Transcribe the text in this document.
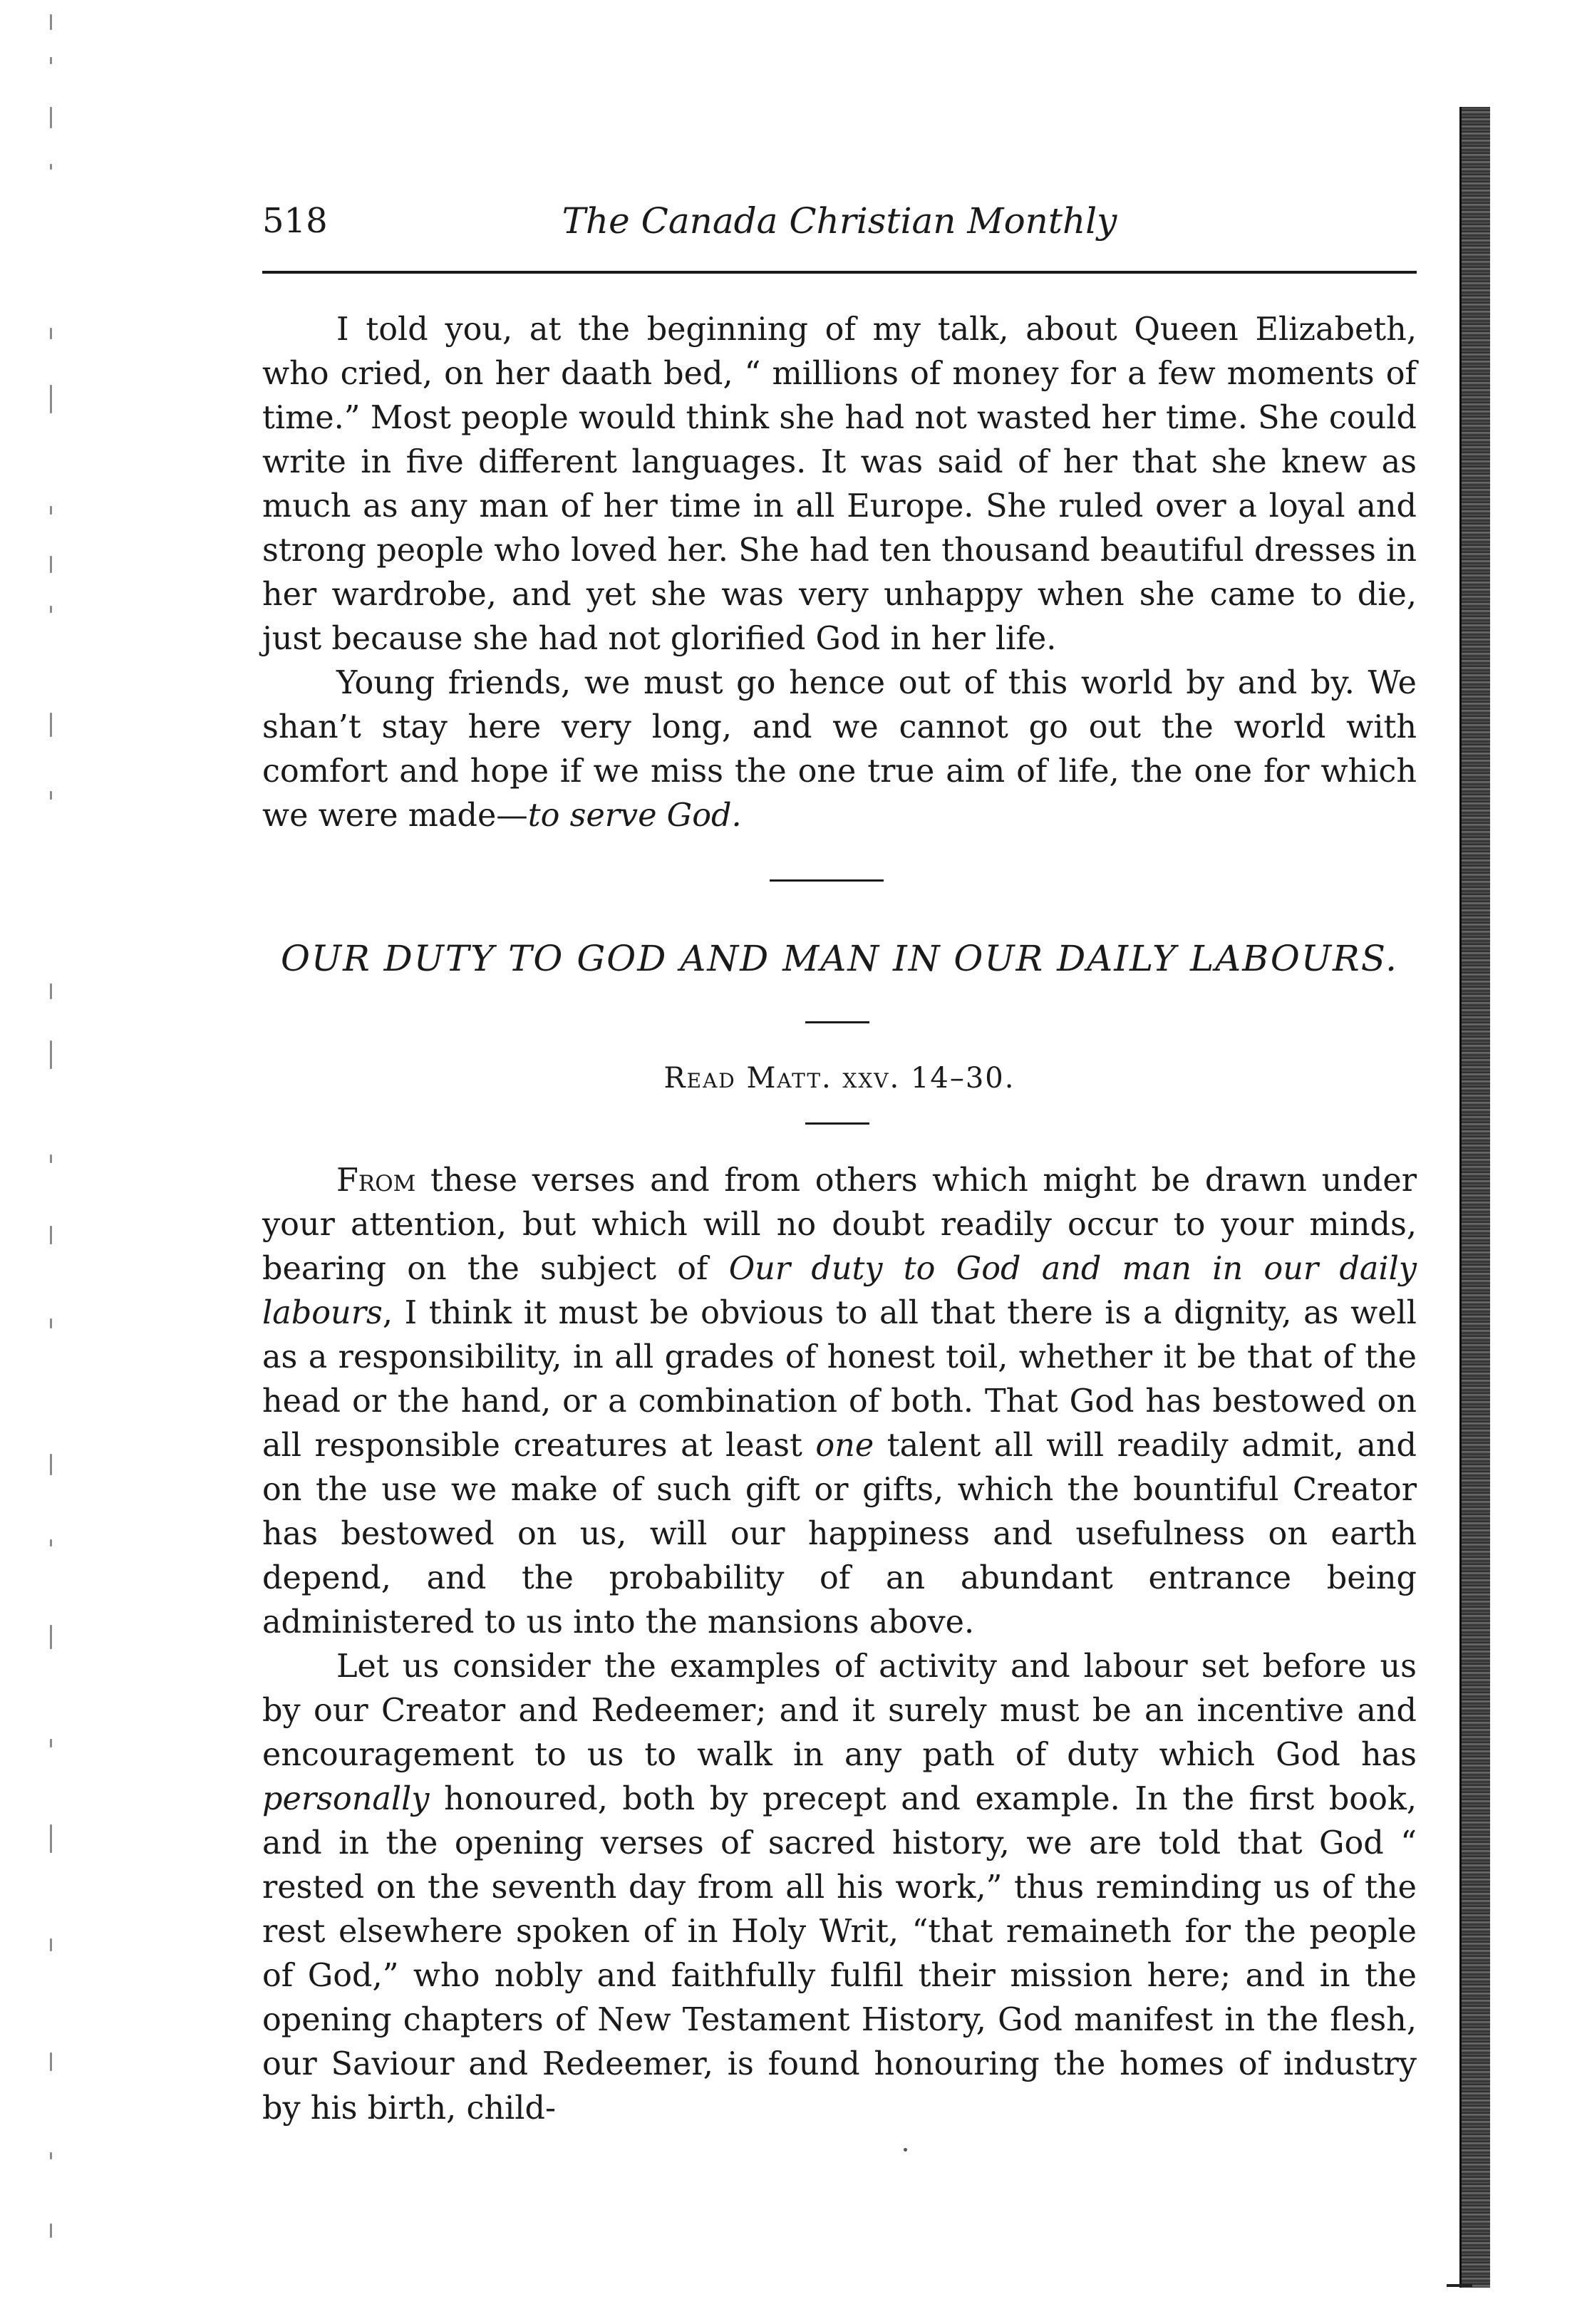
518	The Canada Christian Monthly

I told you, at the beginning of my talk, about Queen Elizabeth, who cried, on her daath bed, “ millions of money for a few moments of time.” Most people would think she had not wasted her time. She could write in five different languages. It was said of her that she knew as much as any man of her time in all Europe. She ruled over a loyal and strong people who loved her. She had ten thousand beautiful dresses in her wardrobe, and yet she was very unhappy when she came to die, just because she had not glorified God in her life.

Young friends, we must go hence out of this world by and by. We shan’t stay here very long, and we cannot go out the world with comfort and hope if we miss the one true aim of life, the one for which we were made—to serve God.

OUR DUTY TO GOD AND MAN IN OUR DAILY LABOURS.
Read Matt. xxv. 14–30.

From these verses and from others which might be drawn under your attention, but which will no doubt readily occur to your minds, bearing on the subject of Our duty to God and man in our daily labours, I think it must be obvious to all that there is a dignity, as well as a responsibility, in all grades of honest toil, whether it be that of the head or the hand, or a combination of both. That God has bestowed on all responsible creatures at least one talent all will readily admit, and on the use we make of such gift or gifts, which the bountiful Creator has bestowed on us, will our happiness and usefulness on earth depend, and the probability of an abundant entrance being administered to us into the mansions above.

Let us consider the examples of activity and labour set before us by our Creator and Redeemer; and it surely must be an incentive and encouragement to us to walk in any path of duty which God has personally honoured, both by precept and example. In the first book, and in the opening verses of sacred history, we are told that God “ rested on the seventh day from all his work,” thus reminding us of the rest elsewhere spoken of in Holy Writ, “that remaineth for the people of God,” who nobly and faithfully fulfil their mission here; and in the opening chapters of New Testament History, God manifest in the flesh, our Saviour and Redeemer, is found honouring the homes of industry by his birth, child-
